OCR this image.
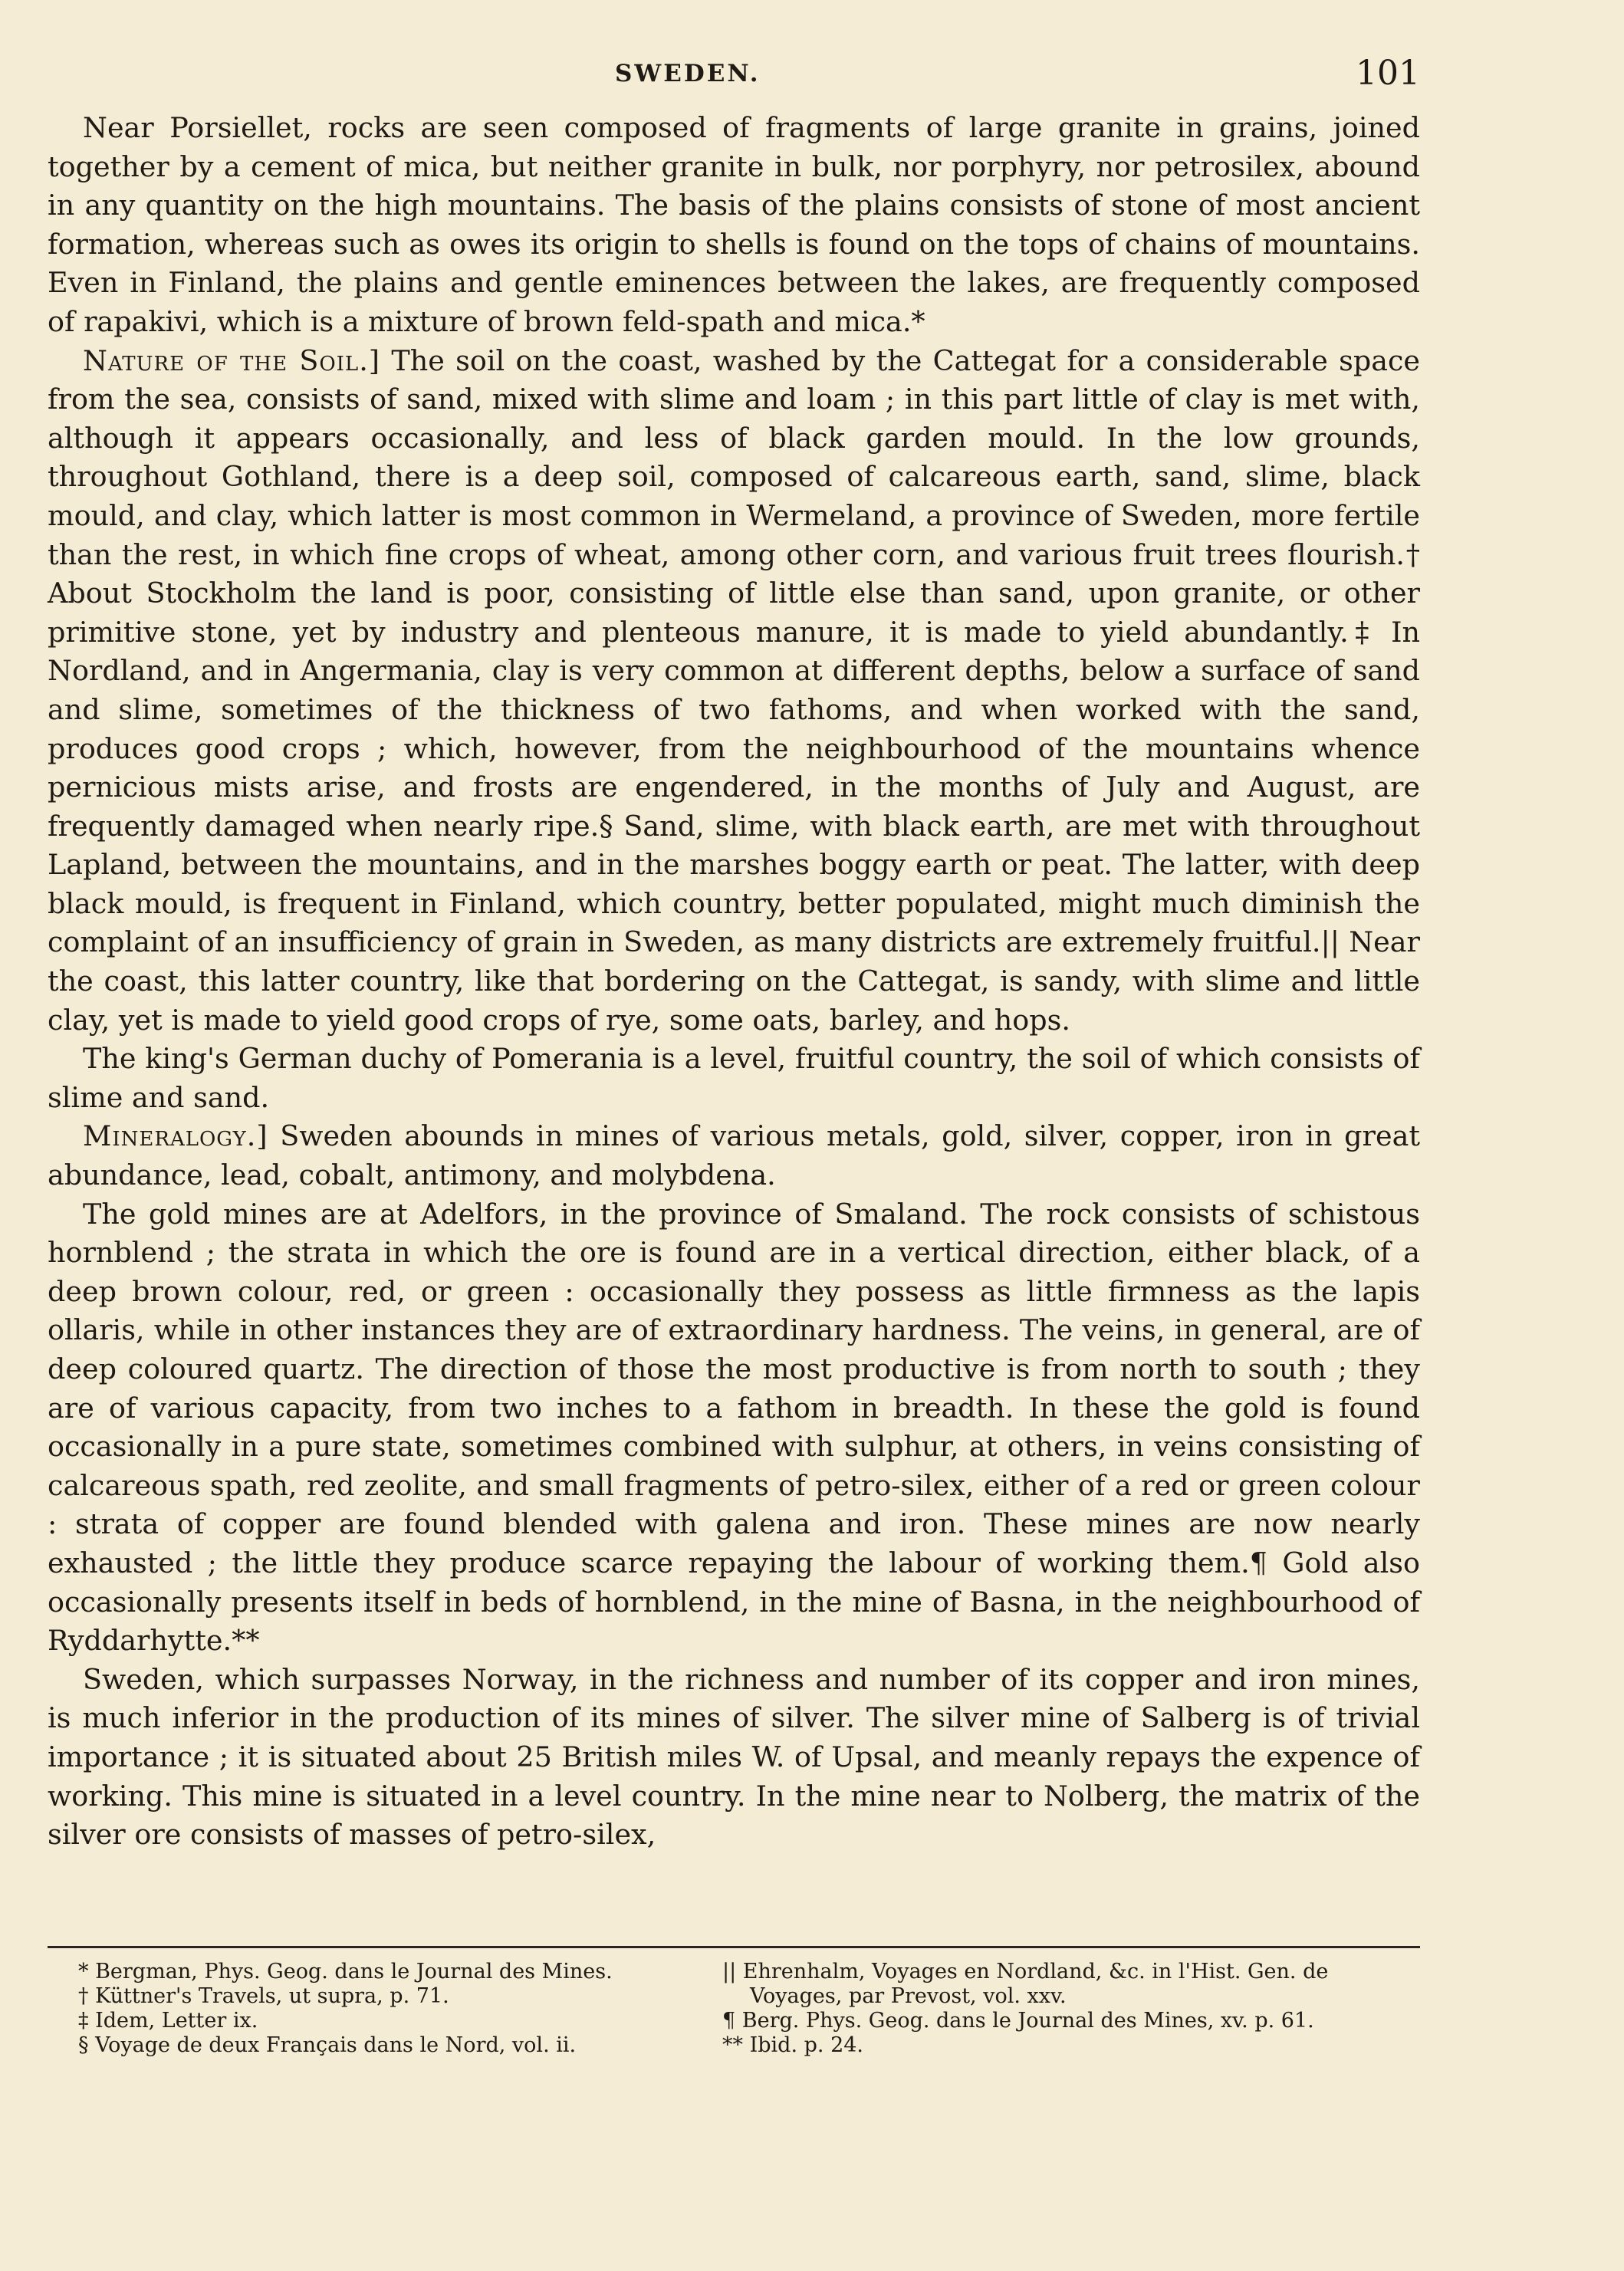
SWEDEN.	101

Near Porsiellet, rocks are seen composed of fragments of large granite in grains, joined together by a cement of mica, but neither granite in bulk, nor porphyry, nor petrosilex, abound in any quantity on the high mountains. The basis of the plains consists of stone of most ancient formation, whereas such as owes its origin to shells is found on the tops of chains of mountains. Even in Finland, the plains and gentle eminences between the lakes, are frequently composed of rapakivi, which is a mixture of brown feld-spath and mica.*

Nature of the Soil.] The soil on the coast, washed by the Cattegat for a considerable space from the sea, consists of sand, mixed with slime and loam ; in this part little of clay is met with, although it appears occasionally, and less of black garden mould. In the low grounds, throughout Gothland, there is a deep soil, composed of calcareous earth, sand, slime, black mould, and clay, which latter is most common in Wermeland, a province of Sweden, more fertile than the rest, in which fine crops of wheat, among other corn, and various fruit trees flourish.† About Stockholm the land is poor, consisting of little else than sand, upon granite, or other primitive stone, yet by industry and plenteous manure, it is made to yield abundantly.‡ In Nordland, and in Angermania, clay is very common at different depths, below a surface of sand and slime, sometimes of the thickness of two fathoms, and when worked with the sand, produces good crops ; which, however, from the neighbourhood of the mountains whence pernicious mists arise, and frosts are engendered, in the months of July and August, are frequently damaged when nearly ripe.§ Sand, slime, with black earth, are met with throughout Lapland, between the mountains, and in the marshes boggy earth or peat. The latter, with deep black mould, is frequent in Finland, which country, better populated, might much diminish the complaint of an insufficiency of grain in Sweden, as many districts are extremely fruitful.|| Near the coast, this latter country, like that bordering on the Cattegat, is sandy, with slime and little clay, yet is made to yield good crops of rye, some oats, barley, and hops.

The king's German duchy of Pomerania is a level, fruitful country, the soil of which consists of slime and sand.

Mineralogy.] Sweden abounds in mines of various metals, gold, silver, copper, iron in great abundance, lead, cobalt, antimony, and molybdena.

The gold mines are at Adelfors, in the province of Smaland. The rock consists of schistous hornblend ; the strata in which the ore is found are in a vertical direction, either black, of a deep brown colour, red, or green : occasionally they possess as little firmness as the lapis ollaris, while in other instances they are of extraordinary hardness. The veins, in general, are of deep coloured quartz. The direction of those the most productive is from north to south ; they are of various capacity, from two inches to a fathom in breadth. In these the gold is found occasionally in a pure state, sometimes combined with sulphur, at others, in veins consisting of calcareous spath, red zeolite, and small fragments of petro-silex, either of a red or green colour : strata of copper are found blended with galena and iron. These mines are now nearly exhausted ; the little they produce scarce repaying the labour of working them.¶ Gold also occasionally presents itself in beds of hornblend, in the mine of Basna, in the neighbourhood of Ryddarhytte.**

Sweden, which surpasses Norway, in the richness and number of its copper and iron mines, is much inferior in the production of its mines of silver. The silver mine of Salberg is of trivial importance ; it is situated about 25 British miles W. of Upsal, and meanly repays the expence of working. This mine is situated in a level country. In the mine near to Nolberg, the matrix of the silver ore consists of masses of petro-silex,

* Bergman, Phys. Geog. dans le Journal des Mines.
† Küttner's Travels, ut supra, p. 71.
‡ Idem, Letter ix.
§ Voyage de deux Français dans le Nord, vol. ii.
|| Ehrenhalm, Voyages en Nordland, &c. in l'Hist. Gen. de
Voyages, par Prevost, vol. xxv.
¶ Berg. Phys. Geog. dans le Journal des Mines, xv. p. 61.
** Ibid. p. 24.
